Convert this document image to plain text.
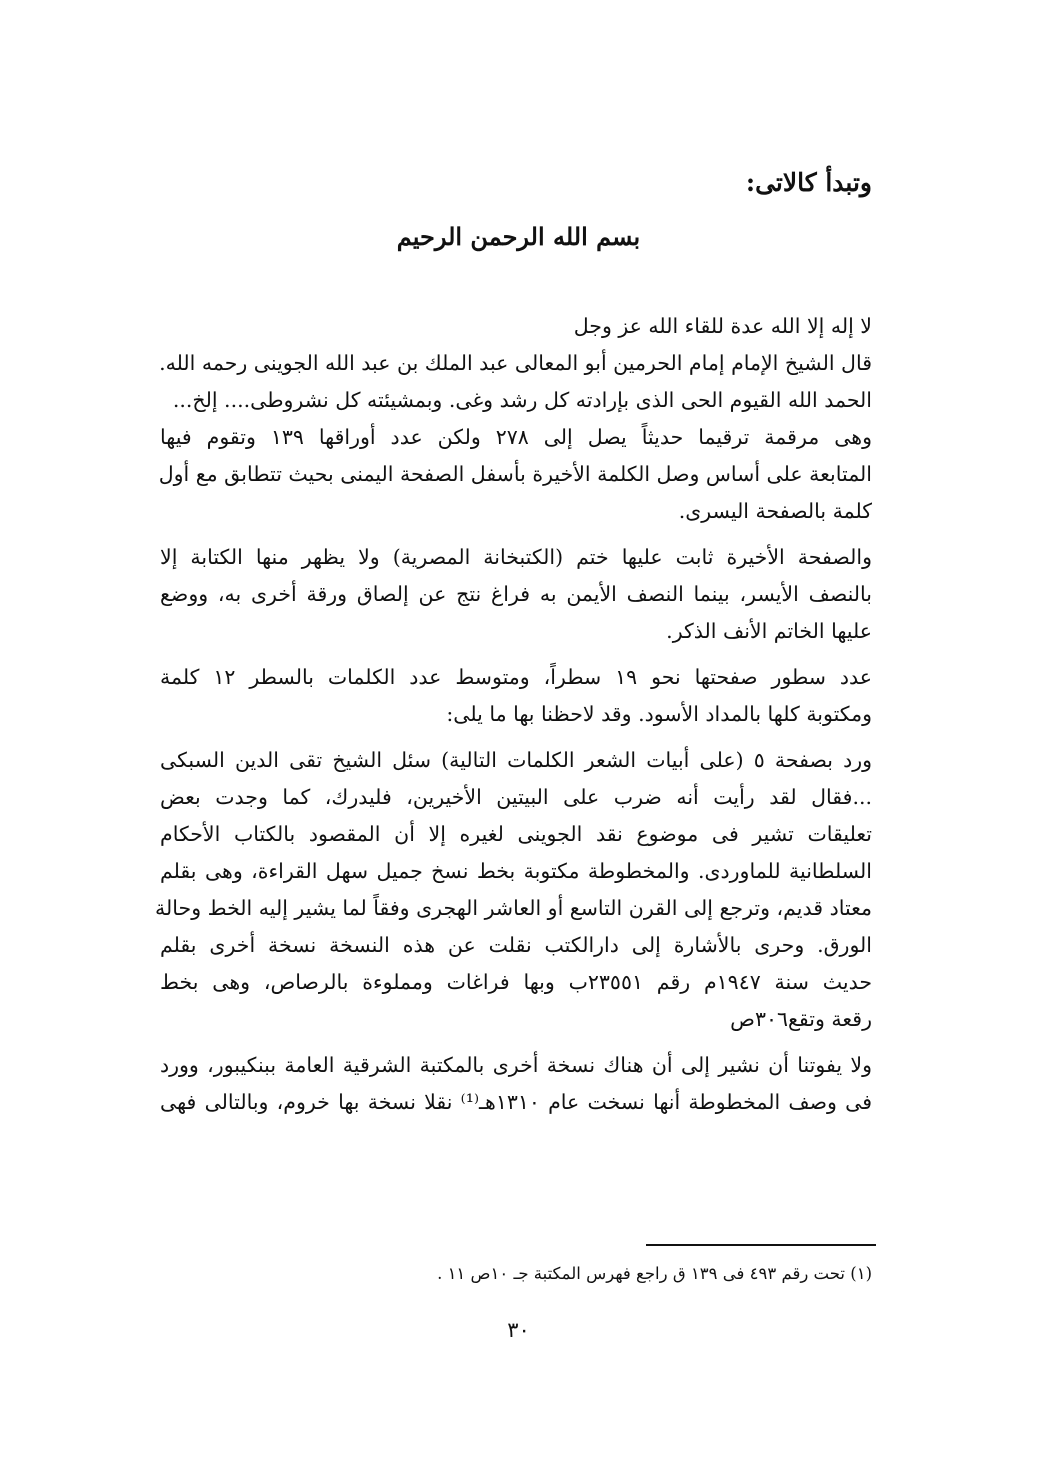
وتبدأ كالاتى:
بسم الله الرحمن الرحيم
لا إله إلا الله عدة للقاء الله عز وجل
قال الشيخ الإمام إمام الحرمين أبو المعالى عبد الملك بن عبد الله الجوينى رحمه الله.
الحمد الله القيوم الحى الذى بإرادته كل رشد وغى. وبمشيئته كل نشروطى.... إلخ...
وهى مرقمة ترقيما حديثاً يصل إلى ٢٧٨ ولكن عدد أوراقها ١٣٩ وتقوم فيها
المتابعة على أساس وصل الكلمة الأخيرة بأسفل الصفحة اليمنى بحيث تتطابق مع أول
كلمة بالصفحة اليسرى.
والصفحة الأخيرة ثابت عليها ختم (الكتبخانة المصرية) ولا يظهر منها الكتابة إلا
بالنصف الأيسر، بينما النصف الأيمن به فراغ نتج عن إلصاق ورقة أخرى به، ووضع
عليها الخاتم الأنف الذكر.
عدد سطور صفحتها نحو ١٩ سطراً، ومتوسط عدد الكلمات بالسطر ١٢ كلمة
ومكتوبة كلها بالمداد الأسود. وقد لاحظنا بها ما يلى:
ورد بصفحة ٥ (على أبيات الشعر الكلمات التالية) سئل الشيخ تقى الدين السبكى
...فقال لقد رأيت أنه ضرب على البيتين الأخيرين، فليدرك، كما وجدت بعض
تعليقات تشير فى موضوع نقد الجوينى لغيره إلا أن المقصود بالكتاب الأحكام
السلطانية للماوردى. والمخطوطة مكتوبة بخط نسخ جميل سهل القراءة، وهى بقلم
معتاد قديم، وترجع إلى القرن التاسع أو العاشر الهجرى وفقاً لما يشير إليه الخط وحالة
الورق. وحرى بالأشارة إلى دارالكتب نقلت عن هذه النسخة نسخة أخرى بقلم
حديث سنة ١٩٤٧م رقم ٢٣٥٥١ب وبها فراغات ومملوءة بالرصاص، وهى بخط
رقعة وتقع٣٠٦ص
ولا يفوتنا أن نشير إلى أن هناك نسخة أخرى بالمكتبة الشرقية العامة ببنكيبور، وورد
فى وصف المخطوطة أنها نسخت عام ١٣١٠هـ⁽¹⁾ نقلا نسخة بها خروم، وبالتالى فهى

(١) تحت رقم ٤٩٣ فى ١٣٩ ق راجع فهرس المكتبة جـ ١٠ص ١١ .

٣٠
